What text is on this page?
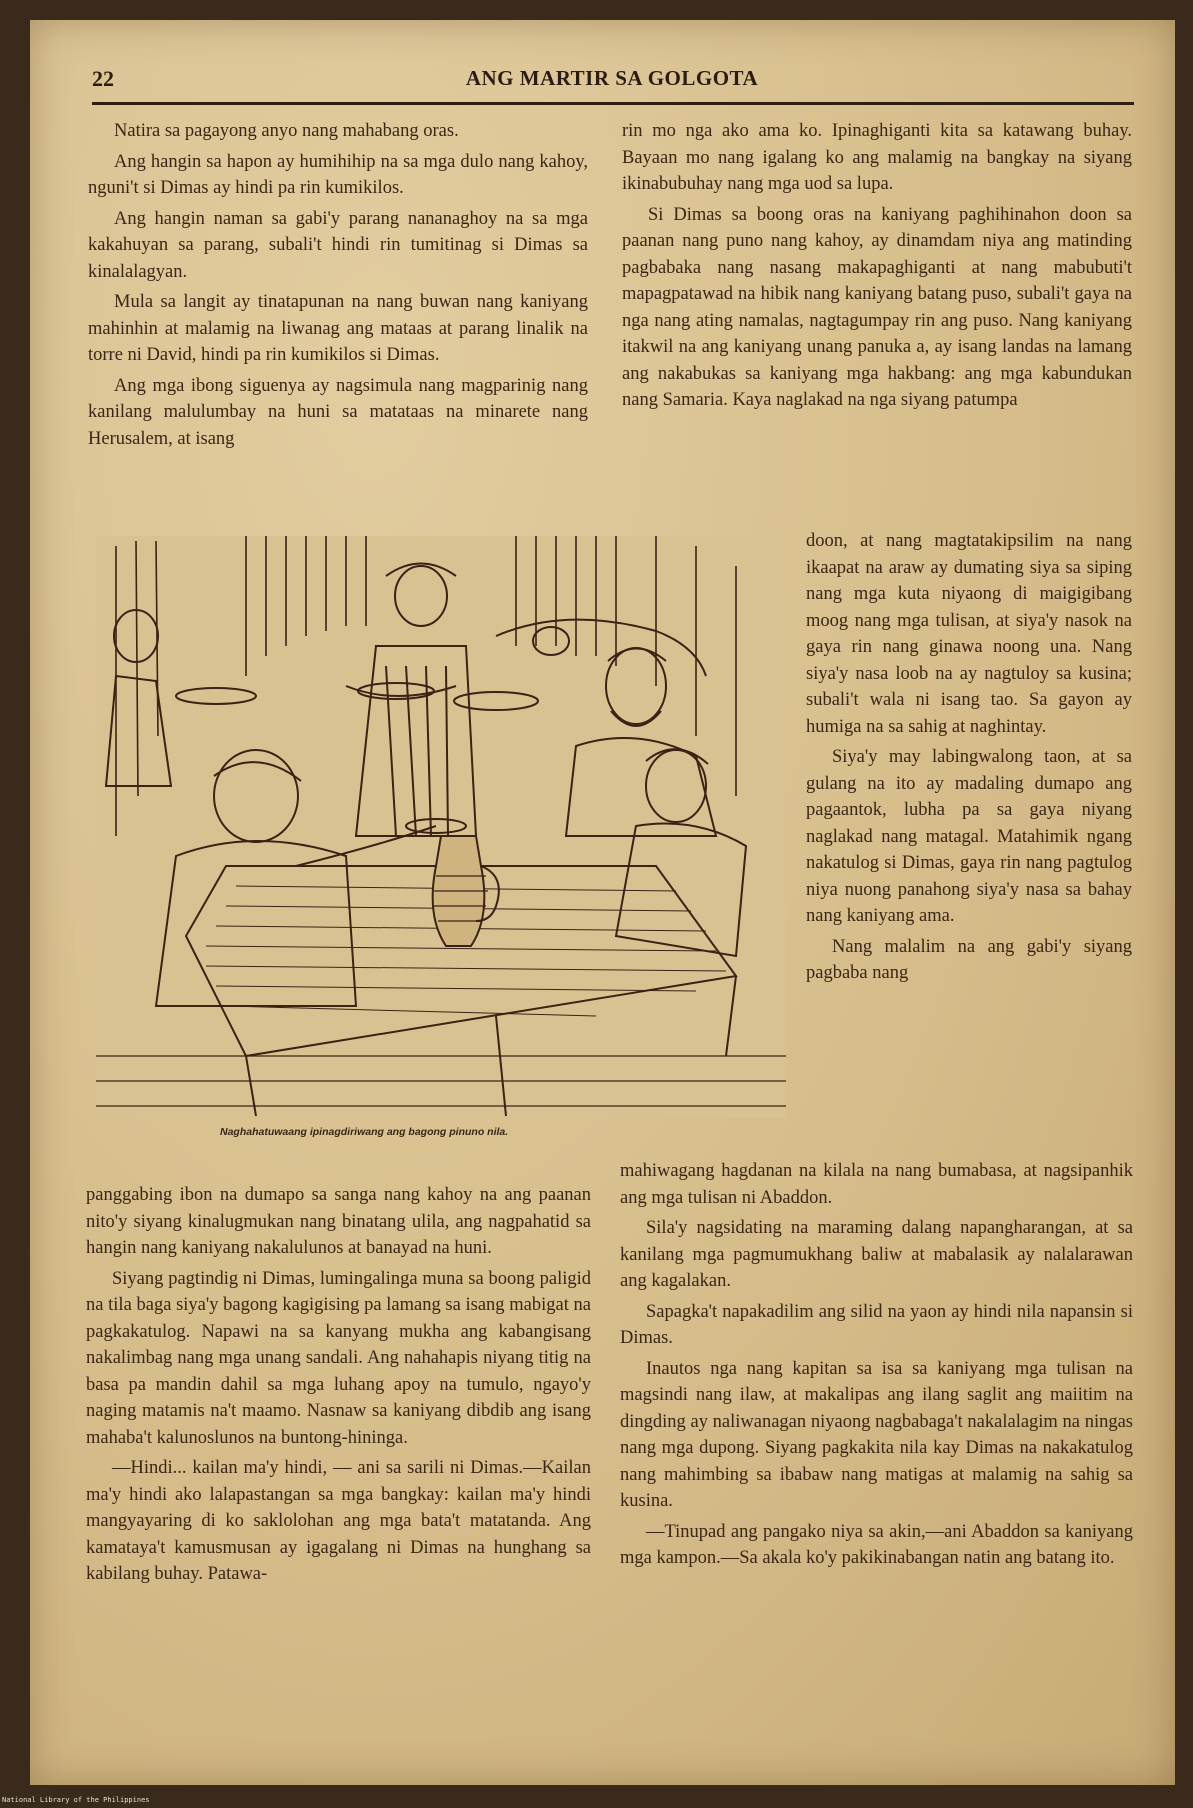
22	ANG MARTIR SA GOLGOTA

Natira sa pagayong anyo nang mahabang oras.

Ang hangin sa hapon ay humihihip na sa mga dulo nang kahoy, nguni't si Dimas ay hindi pa rin kumikilos.

Ang hangin naman sa gabi'y parang nananaghoy na sa mga kakahuyan sa parang, subali't hindi rin tumitinag si Dimas sa kinalalagyan.

Mula sa langit ay tinatapunan na nang buwan nang kaniyang mahinhin at malamig na liwanag ang mataas at parang linalik na torre ni David, hindi pa rin kumikilos si Dimas.

Ang mga ibong siguenya ay nagsimula nang magparinig nang kanilang malulumbay na huni sa matataas na minarete nang Herusalem, at isang

rin mo nga ako ama ko. Ipinaghiganti kita sa katawang buhay. Bayaan mo nang igalang ko ang malamig na bangkay na siyang ikinabubuhay nang mga uod sa lupa.

Si Dimas sa boong oras na kaniyang paghihinahon doon sa paanan nang puno nang kahoy, ay dinamdam niya ang matinding pagbabaka nang nasang makapaghiganti at nang mabubuti't mapagpatawad na hibik nang kaniyang batang puso, subali't gaya na nga nang ating namalas, nagtagumpay rin ang puso. Nang kaniyang itakwil na ang kaniyang unang panuka a, ay isang landas na lamang ang nakabukas sa kaniyang mga hakbang: ang mga kabundukan nang Samaria. Kaya naglakad na nga siyang patumpa

doon, at nang magtatakipsilim na nang ikaapat na araw ay dumating siya sa siping nang mga kuta niyaong di maigigibang moog nang mga tulisan, at siya'y nasok na gaya rin nang ginawa noong una. Nang siya'y nasa loob na ay nagtuloy sa kusina; subali't wala ni isang tao. Sa gayon ay humiga na sa sahig at naghintay.

Siya'y may labingwalong taon, at sa gulang na ito ay madaling dumapo ang pagaantok, lubha pa sa gaya niyang naglakad nang matagal. Matahimik ngang nakatulog si Dimas, gaya rin nang pagtulog niya nuong panahong siya'y nasa sa bahay nang kaniyang ama.

Nang malalim na ang gabi'y siyang pagbaba nang

Naghahatuwaang ipinagdiriwang ang bagong pinuno nila.

panggabing ibon na dumapo sa sanga nang kahoy na ang paanan nito'y siyang kinalugmukan nang binatang ulila, ang nagpahatid sa hangin nang kaniyang nakalulunos at banayad na huni.

Siyang pagtindig ni Dimas, lumingalinga muna sa boong paligid na tila baga siya'y bagong kagigising pa lamang sa isang mabigat na pagkakatulog. Napawi na sa kanyang mukha ang kabangisang nakalimbag nang mga unang sandali. Ang nahahapis niyang titig na basa pa mandin dahil sa mga luhang apoy na tumulo, ngayo'y naging matamis na't maamo. Nasnaw sa kaniyang dibdib ang isang mahaba't kalunoslunos na buntong-hininga.

—Hindi... kailan ma'y hindi, — ani sa sarili ni Dimas.—Kailan ma'y hindi ako lalapastangan sa mga bangkay: kailan ma'y hindi mangyayaring di ko saklolohan ang mga bata't matatanda. Ang kamataya't kamusmusan ay igagalang ni Dimas na hunghang sa kabilang buhay. Patawa-

mahiwagang hagdanan na kilala na nang bumabasa, at nagsipanhik ang mga tulisan ni Abaddon.

Sila'y nagsidating na maraming dalang napangharangan, at sa kanilang mga pagmumukhang baliw at mabalasik ay nalalarawan ang kagalakan.

Sapagka't napakadilim ang silid na yaon ay hindi nila napansin si Dimas.

Inautos nga nang kapitan sa isa sa kaniyang mga tulisan na magsindi nang ilaw, at makalipas ang ilang saglit ang maiitim na dingding ay naliwanagan niyaong nagbabaga't nakalalagim na ningas nang mga dupong. Siyang pagkakita nila kay Dimas na nakakatulog nang mahimbing sa ibabaw nang matigas at malamig na sahig sa kusina.

—Tinupad ang pangako niya sa akin,—ani Abaddon sa kaniyang mga kampon.—Sa akala ko'y pakikinabangan natin ang batang ito.

National Library of the Philippines
